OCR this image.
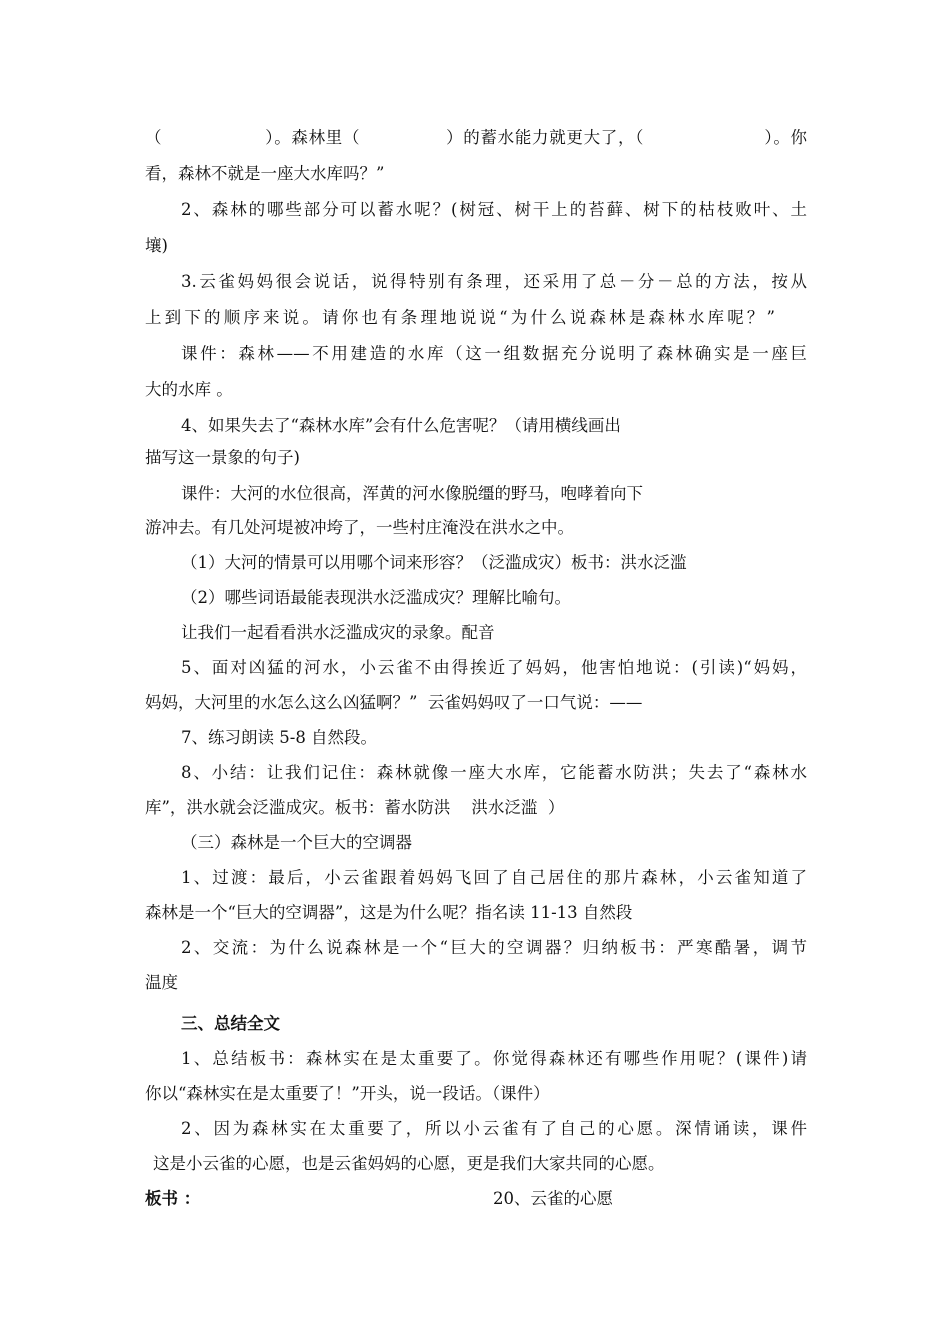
（　　　　　　）。森林里（　　　　　）的蓄水能力就更大了，（　　　　　　　）。你
看，森林不就是一座大水库吗？”
2、森林的哪些部分可以蓄水呢？(树冠、树干上的苔藓、树下的枯枝败叶、土
壤)
3.云雀妈妈很会说话，说得特别有条理，还采用了总－分－总的方法，按从
上到下的顺序来说。请你也有条理地说说“为什么说森林是森林水库呢？”
课件：森林——不用建造的水库（这一组数据充分说明了森林确实是一座巨
大的水库 。
4、如果失去了“森林水库”会有什么危害呢？（请用横线画出
描写这一景象的句子)
课件：大河的水位很高，浑黄的河水像脱缰的野马，咆哮着向下
游冲去。有几处河堤被冲垮了，一些村庄淹没在洪水之中。
（1）大河的情景可以用哪个词来形容？（泛滥成灾）板书：洪水泛滥
（2）哪些词语最能表现洪水泛滥成灾？理解比喻句。
让我们一起看看洪水泛滥成灾的录象。配音
5、面对凶猛的河水，小云雀不由得挨近了妈妈，他害怕地说：(引读)“妈妈，
妈妈，大河里的水怎么这么凶猛啊？”  云雀妈妈叹了一口气说：——
7、练习朗读 5-8 自然段。
8、小结：让我们记住：森林就像一座大水库，它能蓄水防洪；失去了“森林水
库”，洪水就会泛滥成灾。板书：蓄水防洪    洪水泛滥  ）
（三）森林是一个巨大的空调器
1、过渡：最后，小云雀跟着妈妈飞回了自己居住的那片森林，小云雀知道了
森林是一个“巨大的空调器”，这是为什么呢？指名读 11-13 自然段
2、交流：为什么说森林是一个“巨大的空调器？归纳板书：严寒酷暑，调节
温度
三、总结全文
1、总结板书：森林实在是太重要了。你觉得森林还有哪些作用呢？(课件)请
你以“森林实在是太重要了！”开头，说一段话。（课件）
2、因为森林实在太重要了，所以小云雀有了自己的心愿。深情诵读，课件
这是小云雀的心愿，也是云雀妈妈的心愿，更是我们大家共同的心愿。
板书 ：	20、云雀的心愿
